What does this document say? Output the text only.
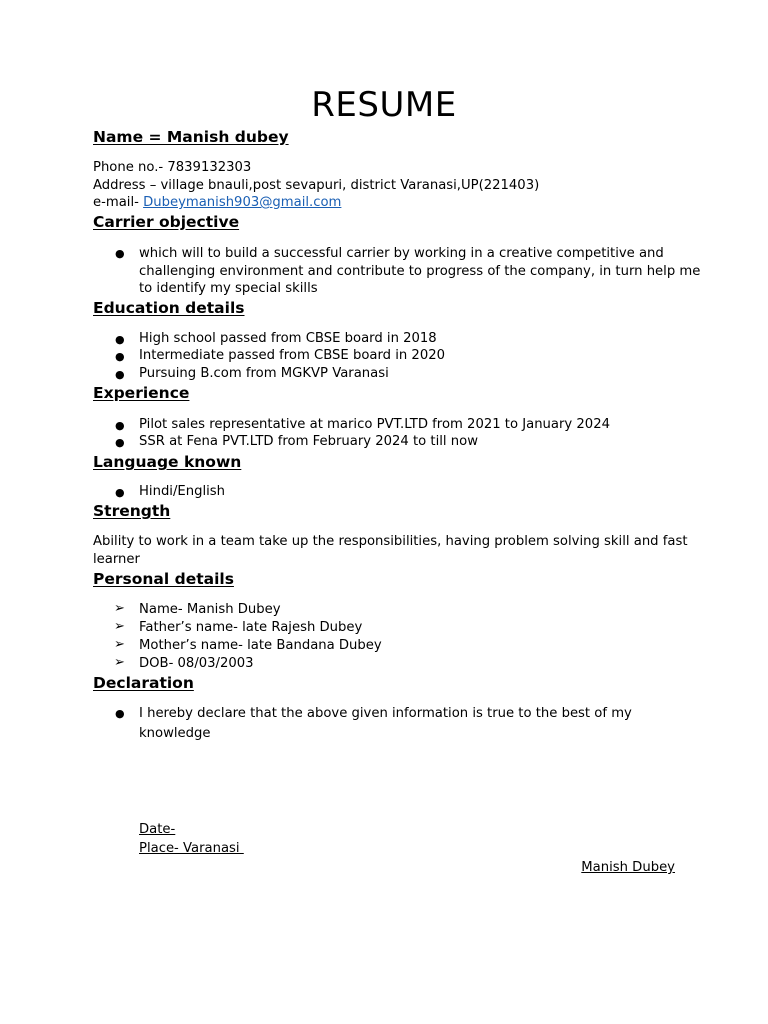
RESUME
Name = Manish dubey
Phone no.- 7839132303
Address – village bnauli,post sevapuri, district Varanasi,UP(221403)
e-mail- Dubeymanish903@gmail.com
Carrier objective
● which will to build a successful carrier by working in a creative competitive and
challenging environment and contribute to progress of the company, in turn help me
to identify my special skills
Education details
● High school passed from CBSE board in 2018
● Intermediate passed from CBSE board in 2020
● Pursuing B.com from MGKVP Varanasi
Experience
● Pilot sales representative at marico PVT.LTD from 2021 to January 2024
● SSR at Fena PVT.LTD from February 2024 to till now
Language known
● Hindi/English
Strength
Ability to work in a team take up the responsibilities, having problem solving skill and fast
learner
Personal details
➢ Name- Manish Dubey
➢ Father’s name- late Rajesh Dubey
➢ Mother’s name- late Bandana Dubey
➢ DOB- 08/03/2003
Declaration
● I hereby declare that the above given information is true to the best of my
knowledge
Date-
Place- Varanasi
Manish Dubey
